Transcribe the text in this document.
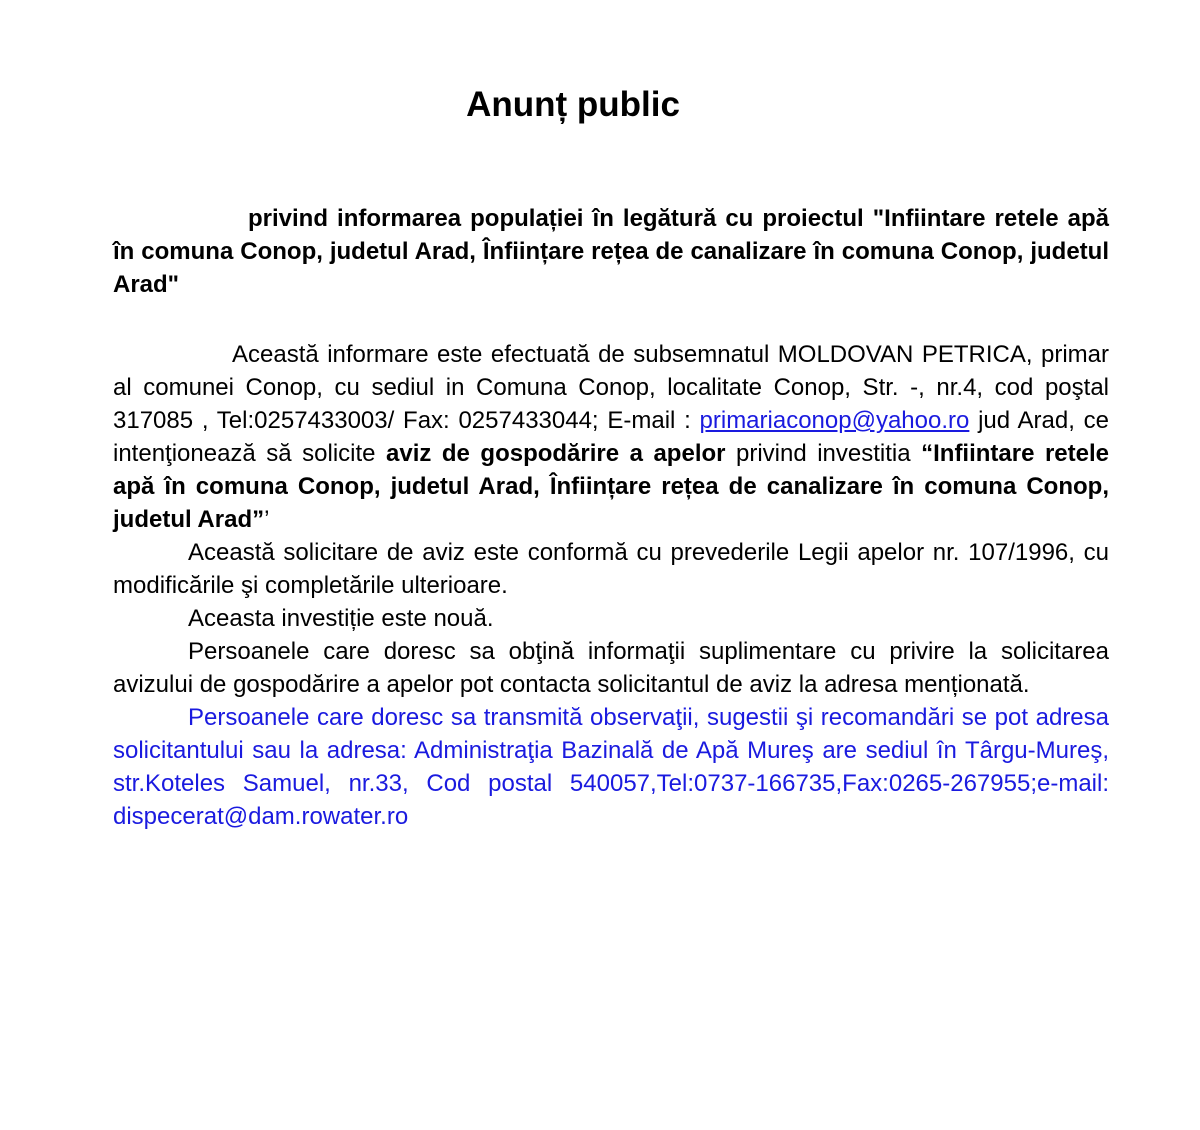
Anunț public

privind informarea populației în legătură cu proiectul "Infiintare retele apă în comuna Conop, judetul Arad, Înființare rețea de canalizare în comuna Conop, judetul Arad"

Această informare este efectuată de subsemnatul MOLDOVAN PETRICA, primar al comunei Conop, cu sediul in Comuna Conop, localitate Conop, Str. -, nr.4, cod poştal 317085 , Tel:0257433003/ Fax: 0257433044; E-mail : primariaconop@yahoo.ro jud Arad, ce intenţionează să solicite aviz de gospodărire a apelor privind investitia “Infiintare retele apă în comuna Conop, judetul Arad, Înființare rețea de canalizare în comuna Conop, judetul Arad”’

Această solicitare de aviz este conformă cu prevederile Legii apelor nr. 107/1996, cu modificările şi completările ulterioare.

Aceasta investiție este nouă.

Persoanele care doresc sa obţină informaţii suplimentare cu privire la solicitarea avizului de gospodărire a apelor pot contacta solicitantul de aviz la adresa menționată.

Persoanele care doresc sa transmită observaţii, sugestii şi recomandări se pot adresa solicitantului sau la adresa: Administraţia Bazinală de Apă Mureş are sediul în Târgu-Mureş, str.Koteles Samuel, nr.33, Cod postal 540057,Tel:0737-166735,Fax:0265-267955;e-mail: dispecerat@dam.rowater.ro
